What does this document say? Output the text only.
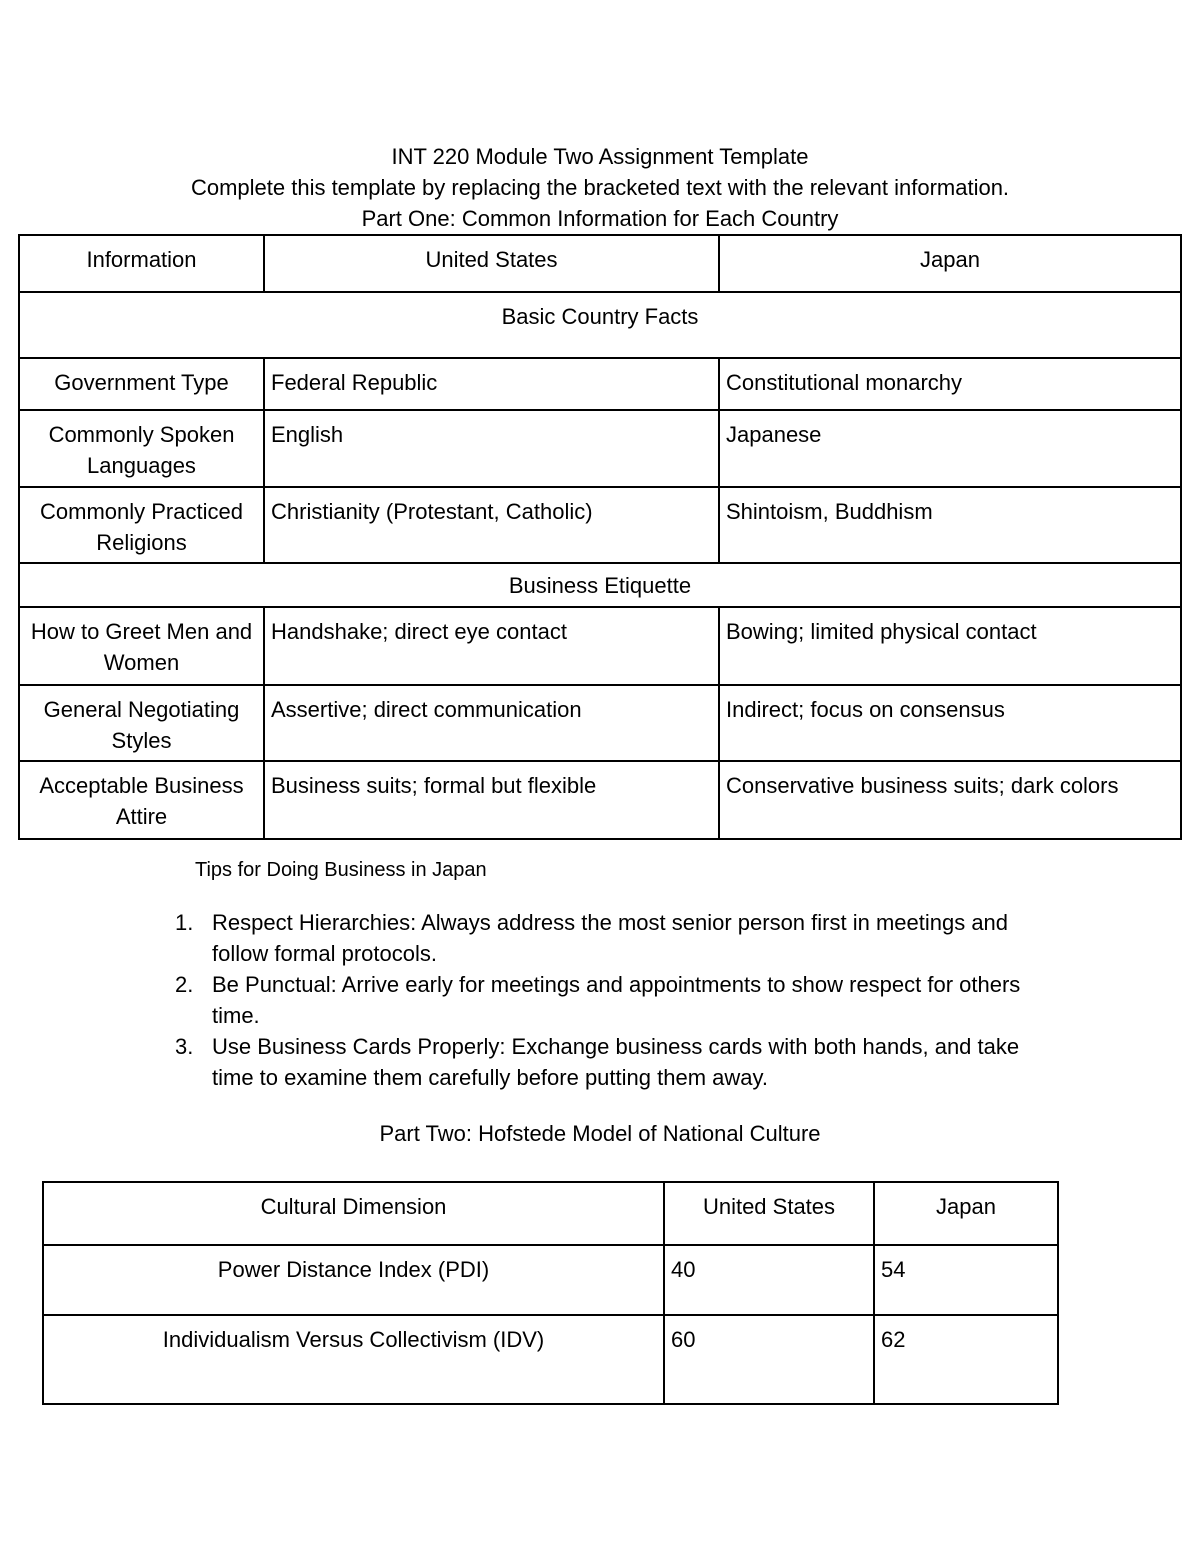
INT 220 Module Two Assignment Template
Complete this template by replacing the bracketed text with the relevant information.
Part One: Common Information for Each Country
Information	United States	Japan
Basic Country Facts		
Government Type	Federal Republic	Constitutional monarchy
Commonly Spoken Languages	English	Japanese
Commonly Practiced Religions	Christianity (Protestant, Catholic)	Shintoism, Buddhism
Business Etiquette		
How to Greet Men and Women	Handshake; direct eye contact	Bowing; limited physical contact
General Negotiating Styles	Assertive; direct communication	Indirect; focus on consensus
Acceptable Business Attire	Business suits; formal but flexible	Conservative business suits; dark colors
Tips for Doing Business in Japan
1. Respect Hierarchies: Always address the most senior person first in meetings and follow formal protocols.
2. Be Punctual: Arrive early for meetings and appointments to show respect for others time.
3. Use Business Cards Properly: Exchange business cards with both hands, and take time to examine them carefully before putting them away.
Part Two: Hofstede Model of National Culture
Cultural Dimension	United States	Japan
Power Distance Index (PDI)	40	54
Individualism Versus Collectivism (IDV)	60	62
